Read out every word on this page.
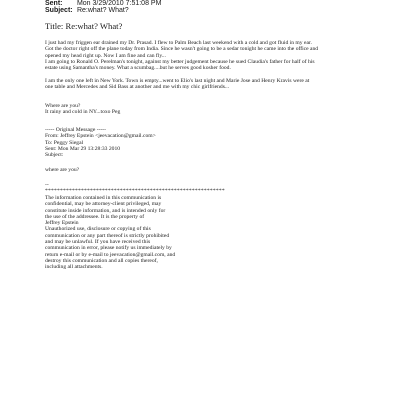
Sent: Mon 3/29/2010 7:51:08 PM
Subject: Re:what? What?
Title: Re:what? What?
I just had my friggen ear drained my Dr. Prasad. I flew to Palm Beach last weekend with a cold and got fluid in my ear.
Got the doctor right off the plane today from India. Since he wasn't going to be a sedar tonight he came into the office and
opened my head right up. Now I am fine and can fly...
I am going to Ronald O. Perelman's tonight, against my better judgement because he sued Claudia's father for half of his
estate using Samantha's money. What a scumbag....but he serves good kosher food.
I am the only one left in New York. Town is empty...went to Elio's last night and Marie Jose and Henry Kravis were at
one table and Mercedes and Sid Bass at another and me with my chic girlfriends...
Where are you?
It rainy and cold in NY...toxo Peg
----- Original Message -----
From: Jeffrey Epstein <jeevacation@gmail.com>
To: Peggy Siegal
Sent: Mon Mar 29 13:28:33 2010
Subject:
where are you?
--
************************************************************
The information contained in this communication is
confidential, may be attorney-client privileged, may
constitute inside information, and is intended only for
the use of the addressee. It is the property of
Jeffrey Epstein
Unauthorized use, disclosure or copying of this
communication or any part thereof is strictly prohibited
and may be unlawful. If you have received this
communication in error, please notify us immediately by
return e-mail or by e-mail to jeevacation@gmail.com, and
destroy this communication and all copies thereof,
including all attachments.
